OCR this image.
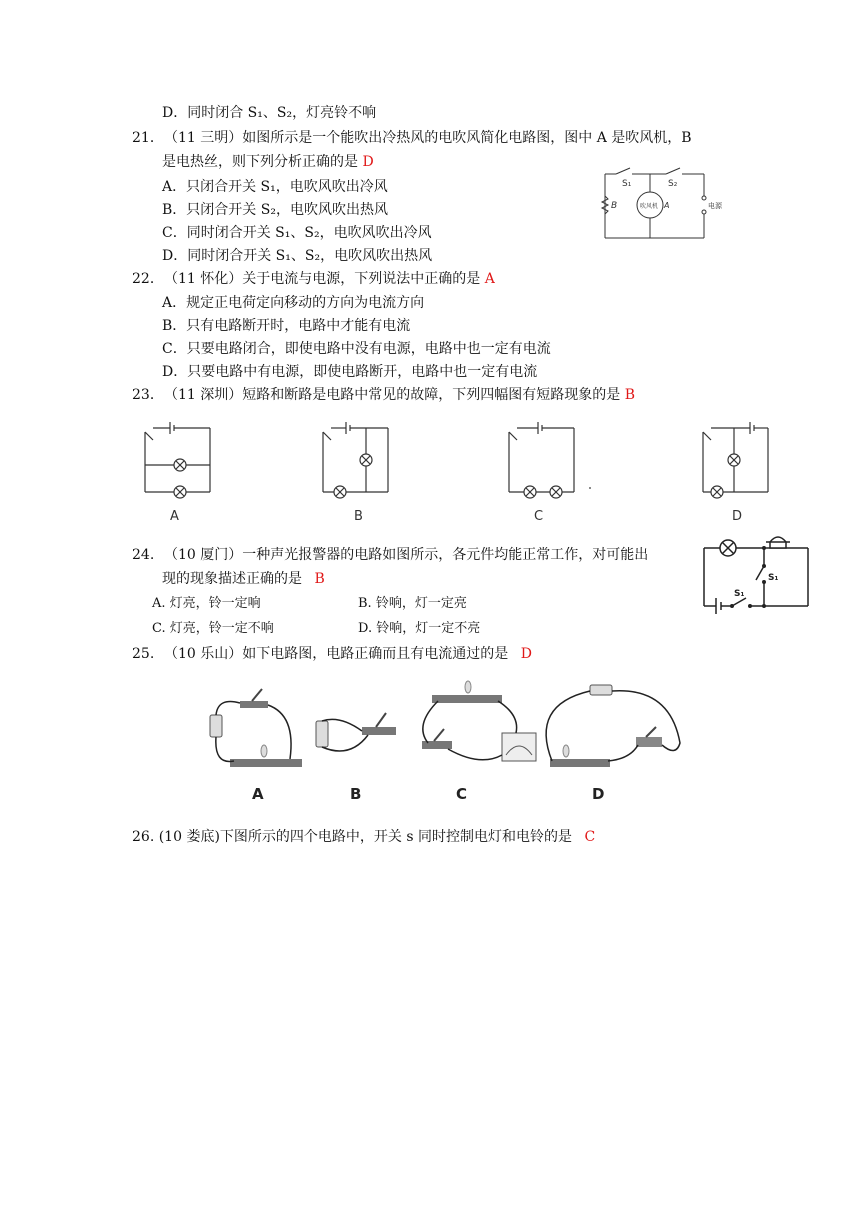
D．同时闭合 S₁、S₂，灯亮铃不响
21． （11 三明）如图所示是一个能吹出冷热风的电吹风简化电路图，图中 A 是吹风机，B
是电热丝，则下列分析正确的是 D
A．只闭合开关 S₁，电吹风吹出冷风
B．只闭合开关 S₂，电吹风吹出热风
C．同时闭合开关 S₁、S₂，电吹风吹出冷风
D．同时闭合开关 S₁、S₂，电吹风吹出热风
S₁	S₂
B	吹风机 A	电源
22． （11 怀化）关于电流与电源，下列说法中正确的是 A
A．规定正电荷定向移动的方向为电流方向
B．只有电路断开时，电路中才能有电流
C．只要电路闭合，即使电路中没有电源，电路中也一定有电流
D．只要电路中有电源，即使电路断开，电路中也一定有电流
23． （11 深圳）短路和断路是电路中常见的故障，下列四幅图有短路现象的是 B
A	B	C	D
24. （10 厦门）一种声光报警器的电路如图所示，各元件均能正常工作，对可能出
现的现象描述正确的是 B
A. 灯亮，铃一定响	B. 铃响，灯一定亮
C. 灯亮，铃一定不响	D. 铃响，灯一定不亮
S₁
S₁
25. （10 乐山）如下电路图，电路正确而且有电流通过的是 D
A	B	C	D
26. (10 娄底)下图所示的四个电路中，开关 s 同时控制电灯和电铃的是 C
